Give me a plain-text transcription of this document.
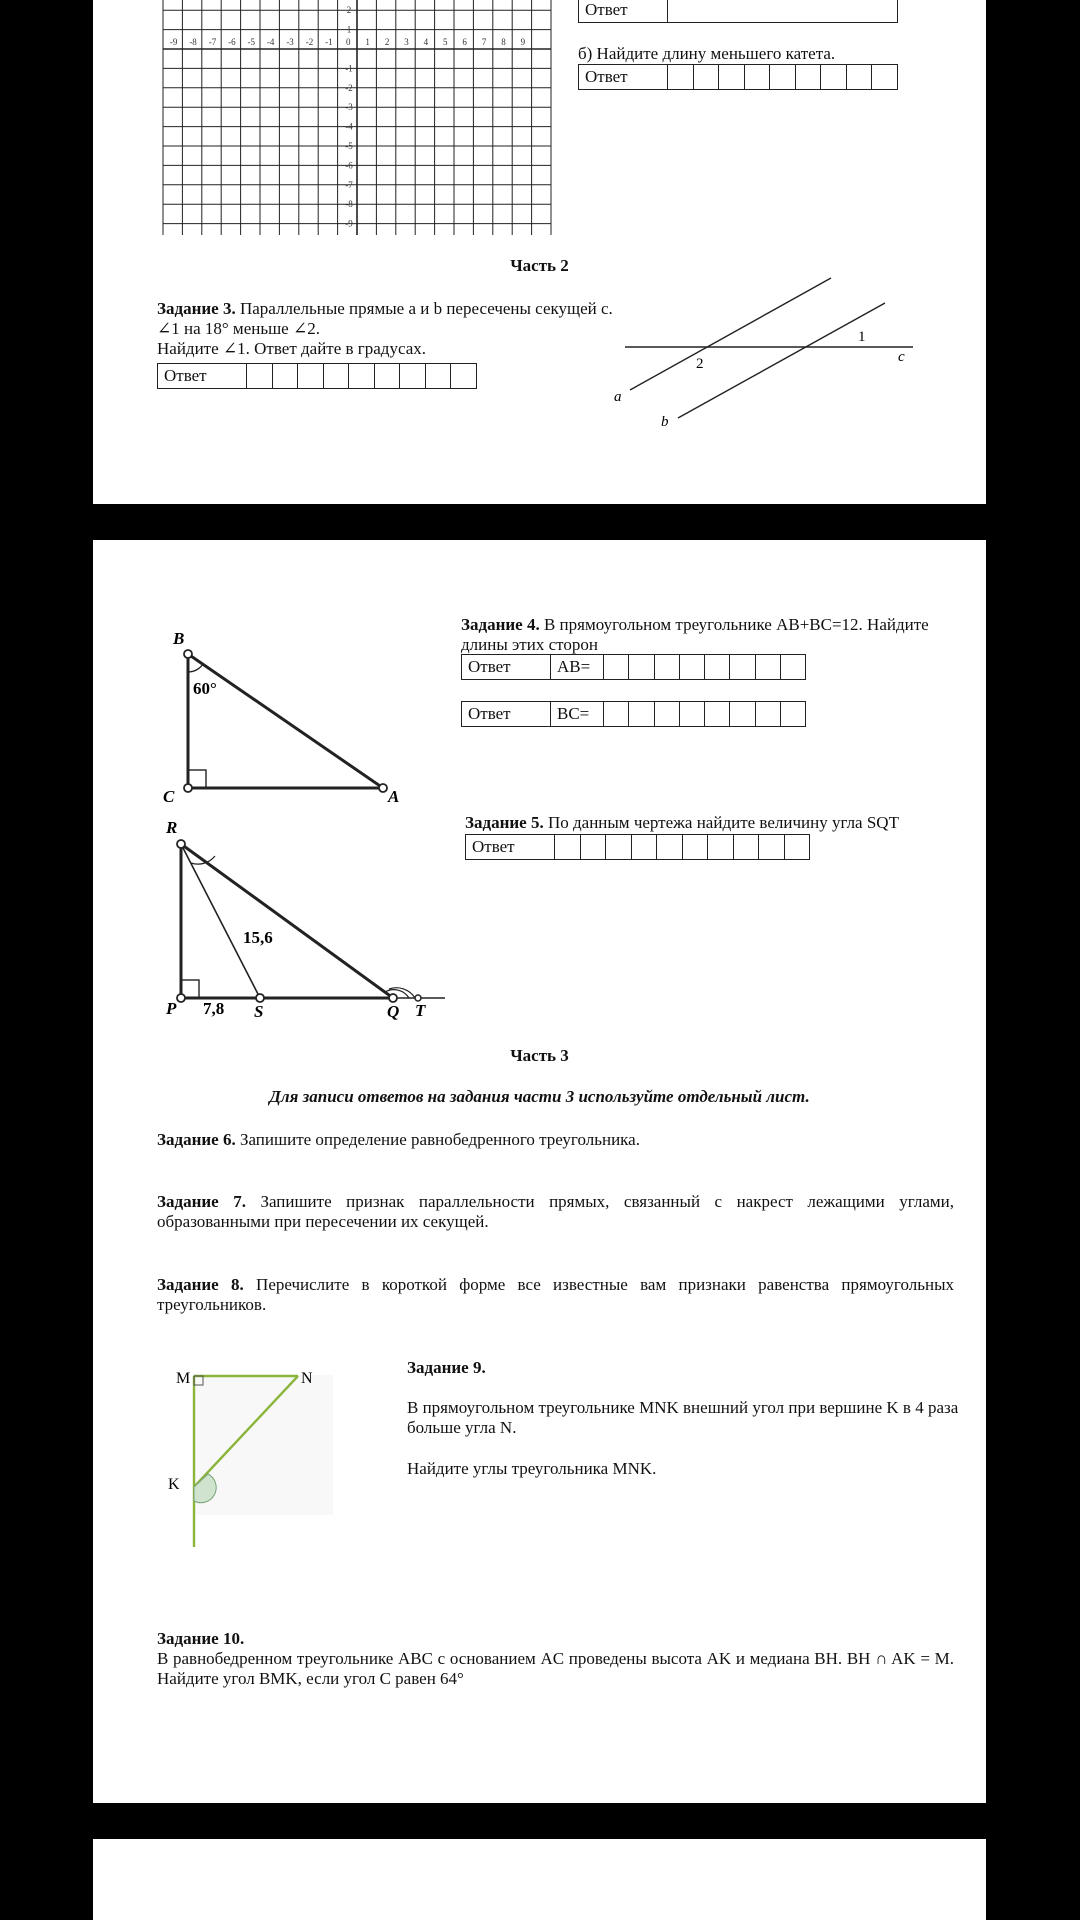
-9 -8 -7 -6 -5 -4 -3 -2 -1 0 1 2 3 4 5 6 7 8 9
2
1
-1
-2
-3
-4
-5
-6
-7
-8
-9
Ответ	
б) Найдите длину меньшего катета.
Ответ									
Часть 2
Задание 3. Параллельные прямые a и b пересечены секущей c.
∠1 на 18° меньше ∠2.
Найдите ∠1. Ответ дайте в градусах.
Ответ									
2
1
c
a
b
B
60°
C	A
Задание 4. В прямоугольном треугольнике AB+BC=12. Найдите длины этих сторон
Ответ	AB=								
Ответ	BC=								
R
15,6
P 7,8 S	Q T
Задание 5. По данным чертежа найдите величину угла SQT
Ответ										
Часть 3
Для записи ответов на задания части 3 используйте отдельный лист.
Задание 6. Запишите определение равнобедренного треугольника.
Задание 7. Запишите признак параллельности прямых, связанный с накрест лежащими углами, образованными при пересечении их секущей.
Задание 8. Перечислите в короткой форме все известные вам признаки равенства прямоугольных треугольников.
M	N
K
Задание 9.
В прямоугольном треугольнике MNK внешний угол при вершине K в 4 раза больше угла N.
Найдите углы треугольника MNK.
Задание 10.
В равнобедренном треугольнике ABC с основанием AC проведены высота AK и медиана BH. BH ∩ AK = M. Найдите угол BMK, если угол C равен 64°
